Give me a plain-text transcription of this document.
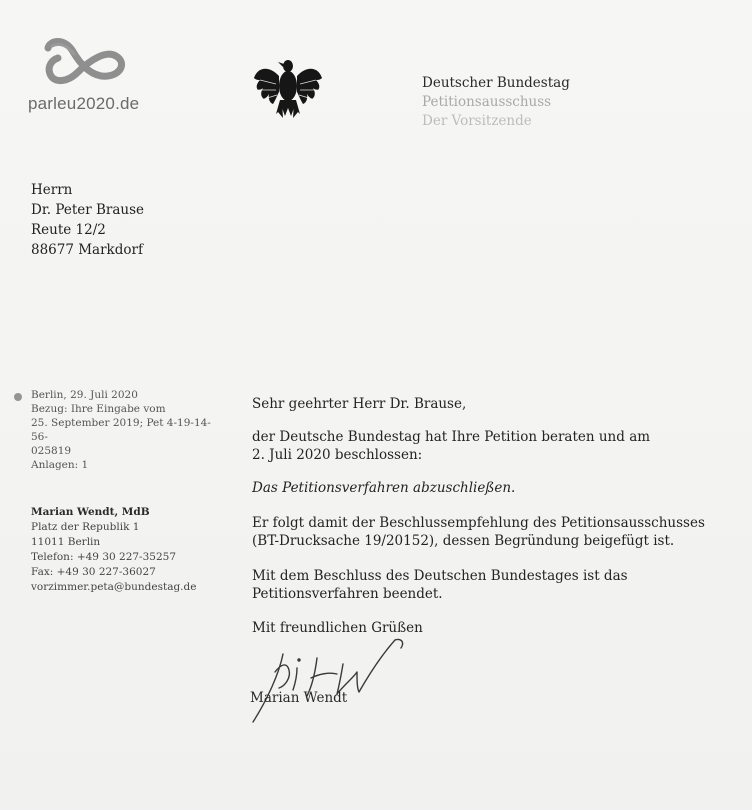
parleu2020.de
Deutscher Bundestag
Petitionsausschuss
Der Vorsitzende
Herrn
Dr. Peter Brause
Reute 12/2
88677 Markdorf
Berlin, 29. Juli 2020
Bezug: Ihre Eingabe vom
25. September 2019; Pet 4-19-14-56-
025819
Anlagen: 1
Marian Wendt, MdB
Platz der Republik 1
11011 Berlin
Telefon: +49 30 227-35257
Fax: +49 30 227-36027
vorzimmer.peta@bundestag.de

Sehr geehrter Herr Dr. Brause,

der Deutsche Bundestag hat Ihre Petition beraten und am

2. Juli 2020 beschlossen:

Das Petitionsverfahren abzuschließen.

Er folgt damit der Beschlussempfehlung des Petitionsausschusses

(BT-Drucksache 19/20152), dessen Begründung beigefügt ist.

Mit dem Beschluss des Deutschen Bundestages ist das

Petitionsverfahren beendet.

Mit freundlichen Grüßen

Marian Wendt
